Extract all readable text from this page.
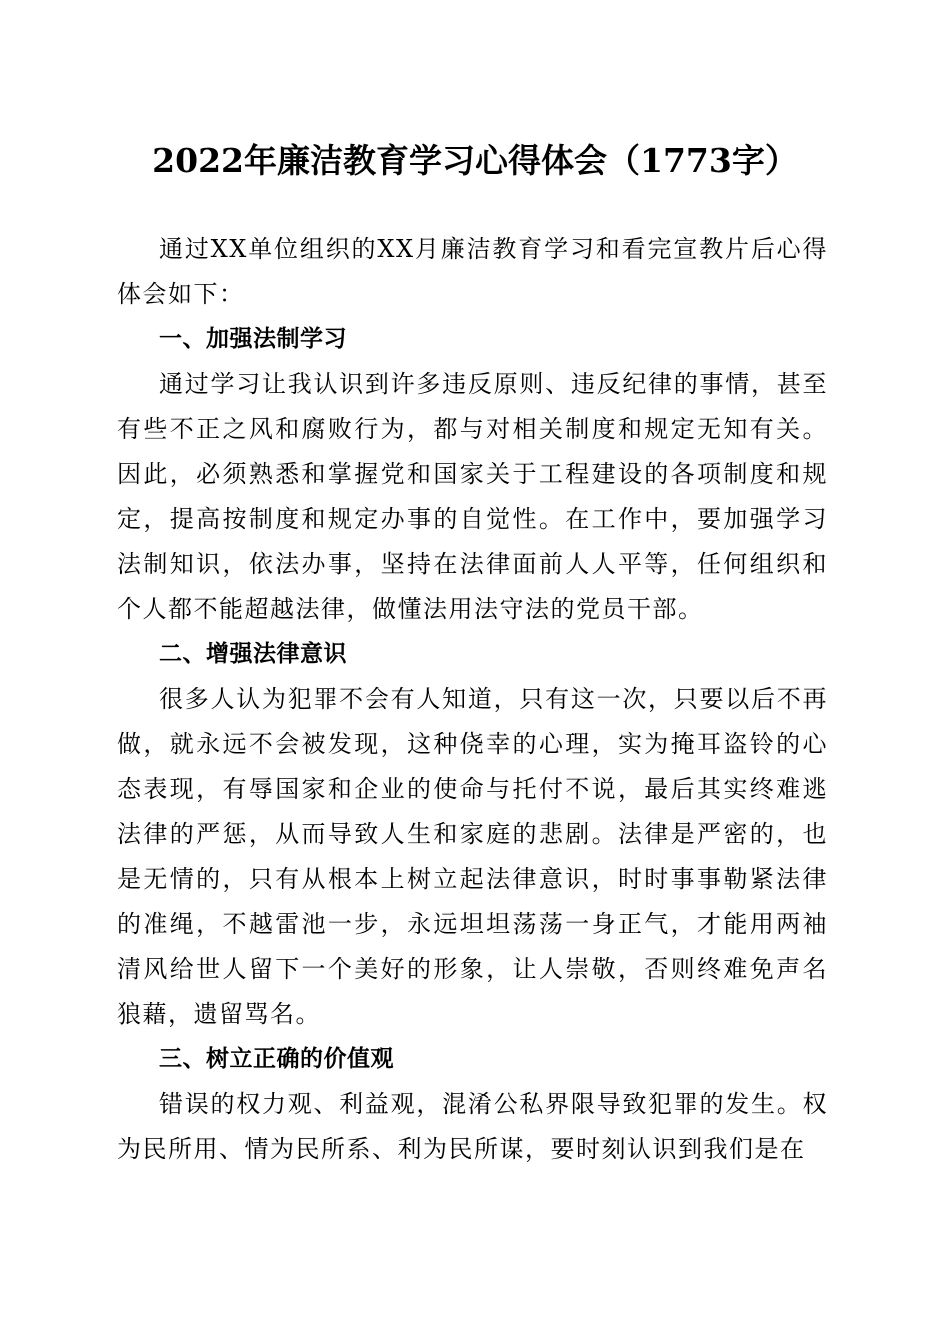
2022年廉洁教育学习心得体会（1773字）

通过XX单位组织的XX月廉洁教育学习和看完宣教片后心得体会如下：

一、加强法制学习

通过学习让我认识到许多违反原则、违反纪律的事情，甚至有些不正之风和腐败行为，都与对相关制度和规定无知有关。因此，必须熟悉和掌握党和国家关于工程建设的各项制度和规定，提高按制度和规定办事的自觉性。在工作中，要加强学习法制知识，依法办事，坚持在法律面前人人平等，任何组织和个人都不能超越法律，做懂法用法守法的党员干部。

二、增强法律意识

很多人认为犯罪不会有人知道，只有这一次，只要以后不再做，就永远不会被发现，这种侥幸的心理，实为掩耳盗铃的心态表现，有辱国家和企业的使命与托付不说，最后其实终难逃法律的严惩，从而导致人生和家庭的悲剧。法律是严密的，也是无情的，只有从根本上树立起法律意识，时时事事勒紧法律的准绳，不越雷池一步，永远坦坦荡荡一身正气，才能用两袖清风给世人留下一个美好的形象，让人崇敬，否则终难免声名狼藉，遗留骂名。

三、树立正确的价值观

错误的权力观、利益观，混淆公私界限导致犯罪的发生。权为民所用、情为民所系、利为民所谋，要时刻认识到我们是在
